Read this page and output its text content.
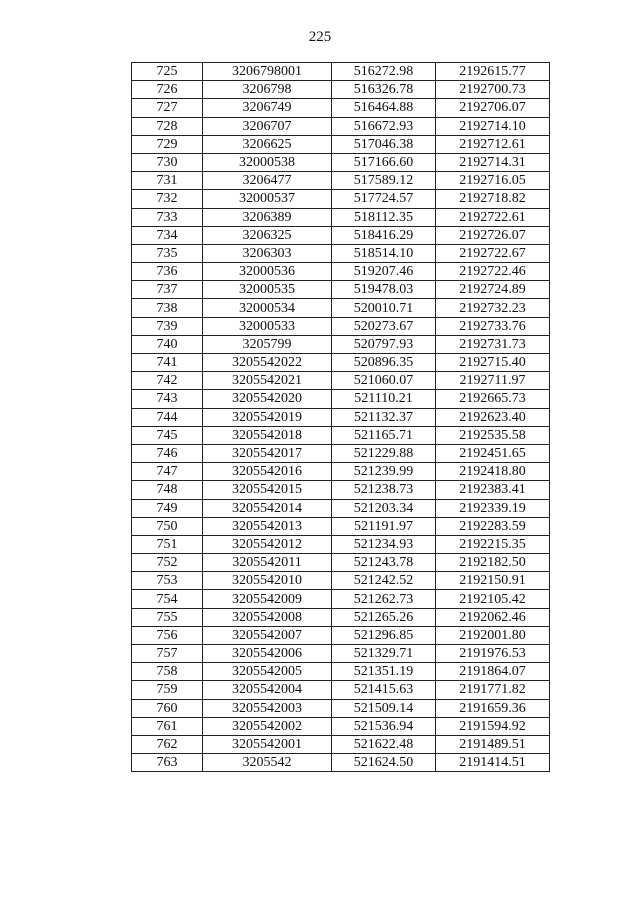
225
725	3206798001	516272.98	2192615.77
726	3206798	516326.78	2192700.73
727	3206749	516464.88	2192706.07
728	3206707	516672.93	2192714.10
729	3206625	517046.38	2192712.61
730	32000538	517166.60	2192714.31
731	3206477	517589.12	2192716.05
732	32000537	517724.57	2192718.82
733	3206389	518112.35	2192722.61
734	3206325	518416.29	2192726.07
735	3206303	518514.10	2192722.67
736	32000536	519207.46	2192722.46
737	32000535	519478.03	2192724.89
738	32000534	520010.71	2192732.23
739	32000533	520273.67	2192733.76
740	3205799	520797.93	2192731.73
741	3205542022	520896.35	2192715.40
742	3205542021	521060.07	2192711.97
743	3205542020	521110.21	2192665.73
744	3205542019	521132.37	2192623.40
745	3205542018	521165.71	2192535.58
746	3205542017	521229.88	2192451.65
747	3205542016	521239.99	2192418.80
748	3205542015	521238.73	2192383.41
749	3205542014	521203.34	2192339.19
750	3205542013	521191.97	2192283.59
751	3205542012	521234.93	2192215.35
752	3205542011	521243.78	2192182.50
753	3205542010	521242.52	2192150.91
754	3205542009	521262.73	2192105.42
755	3205542008	521265.26	2192062.46
756	3205542007	521296.85	2192001.80
757	3205542006	521329.71	2191976.53
758	3205542005	521351.19	2191864.07
759	3205542004	521415.63	2191771.82
760	3205542003	521509.14	2191659.36
761	3205542002	521536.94	2191594.92
762	3205542001	521622.48	2191489.51
763	3205542	521624.50	2191414.51
